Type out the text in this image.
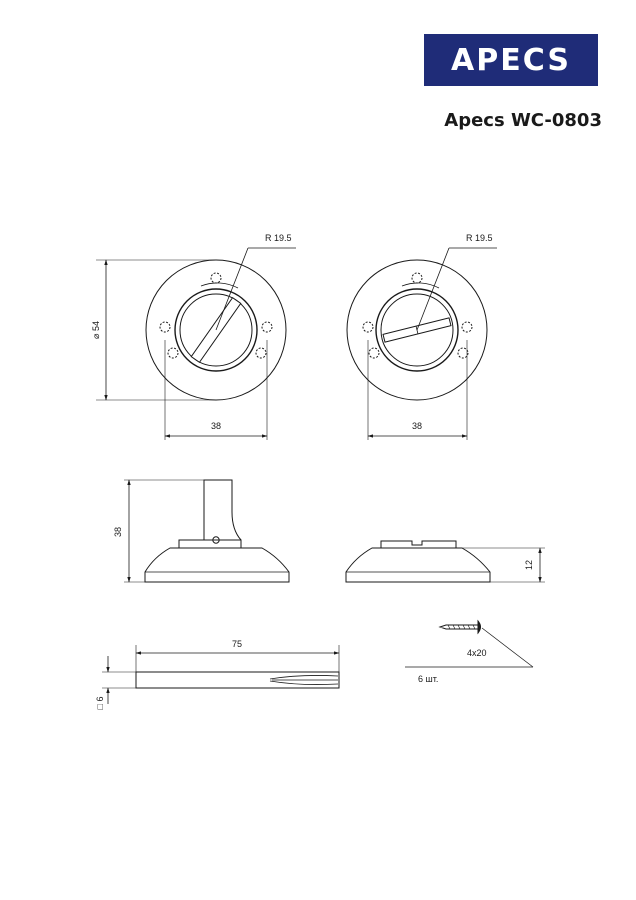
APECS
Apecs WC-0803
R 19.5
⌀ 54
38
R 19.5
38
38
12
75
□ 6
4x20
6 шт.
